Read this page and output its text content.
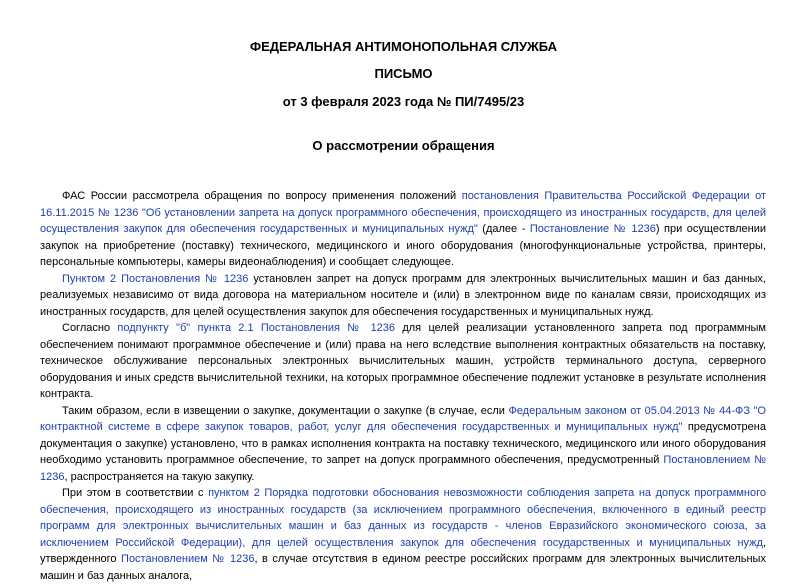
ФЕДЕРАЛЬНАЯ АНТИМОНОПОЛЬНАЯ СЛУЖБА
ПИСЬМО
от 3 февраля 2023 года № ПИ/7495/23
О рассмотрении обращения

ФАС России рассмотрела обращения по вопросу применения положений постановления Правительства Российской Федерации от 16.11.2015 № 1236 "Об установлении запрета на допуск программного обеспечения, происходящего из иностранных государств, для целей осуществления закупок для обеспечения государственных и муниципальных нужд" (далее - Постановление № 1236) при осуществлении закупок на приобретение (поставку) технического, медицинского и иного оборудования (многофункциональные устройства, принтеры, персональные компьютеры, камеры видеонаблюдения) и сообщает следующее.

Пунктом 2 Постановления № 1236 установлен запрет на допуск программ для электронных вычислительных машин и баз данных, реализуемых независимо от вида договора на материальном носителе и (или) в электронном виде по каналам связи, происходящих из иностранных государств, для целей осуществления закупок для обеспечения государственных и муниципальных нужд.

Согласно подпункту "б" пункта 2.1 Постановления № 1236 для целей реализации установленного запрета под программным обеспечением понимают программное обеспечение и (или) права на него вследствие выполнения контрактных обязательств на поставку, техническое обслуживание персональных электронных вычислительных машин, устройств терминального доступа, серверного оборудования и иных средств вычислительной техники, на которых программное обеспечение подлежит установке в результате исполнения контракта.

Таким образом, если в извещении о закупке, документации о закупке (в случае, если Федеральным законом от 05.04.2013 № 44-ФЗ "О контрактной системе в сфере закупок товаров, работ, услуг для обеспечения государственных и муниципальных нужд" предусмотрена документация о закупке) установлено, что в рамках исполнения контракта на поставку технического, медицинского или иного оборудования необходимо установить программное обеспечение, то запрет на допуск программного обеспечения, предусмотренный Постановлением № 1236, распространяется на такую закупку.

При этом в соответствии с пунктом 2 Порядка подготовки обоснования невозможности соблюдения запрета на допуск программного обеспечения, происходящего из иностранных государств (за исключением программного обеспечения, включенного в единый реестр программ для электронных вычислительных машин и баз данных из государств - членов Евразийского экономического союза, за исключением Российской Федерации), для целей осуществления закупок для обеспечения государственных и муниципальных нужд, утвержденного Постановлением № 1236, в случае отсутствия в едином реестре российских программ для электронных вычислительных машин и баз данных аналога,
